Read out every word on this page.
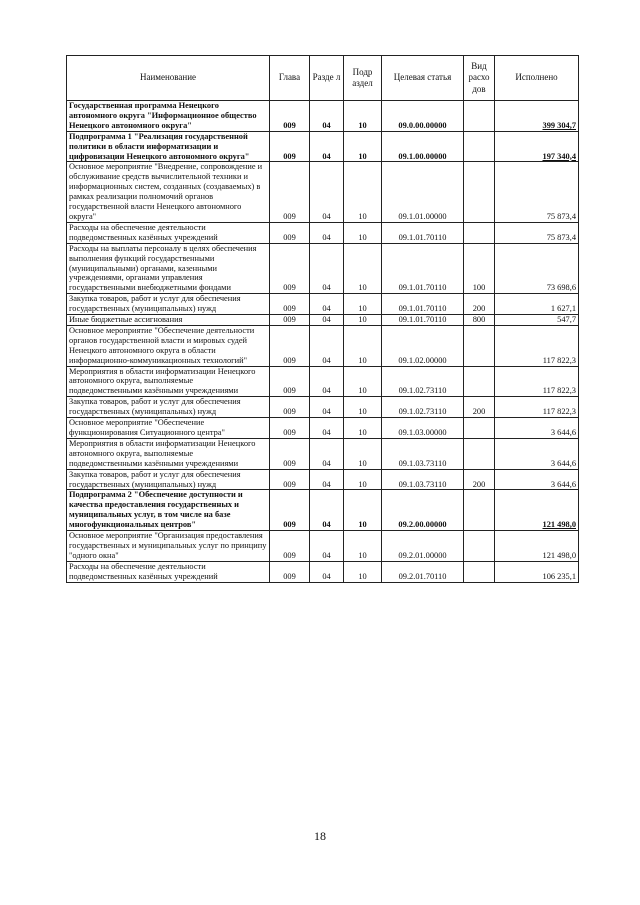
Наименование	Глава	Разде л	Подр аздел	Целевая статья	Вид расхо дов	Исполнено
Государственная программа Ненецкого автономного округа "Информационное общество Ненецкого автономного округа"	009	04	10	09.0.00.00000		399 304,7
Подпрограмма 1 "Реализация государственной политики в области информатизации и цифровизации Ненецкого автономного округа"	009	04	10	09.1.00.00000		197 340,4
Основное мероприятие "Внедрение, сопровождение и обслуживание средств вычислительной техники и информационных систем, созданных (создаваемых) в рамках реализации полномочий органов государственной власти Ненецкого автономного округа"	009	04	10	09.1.01.00000		75 873,4
Расходы на обеспечение деятельности подведомственных казённых учреждений	009	04	10	09.1.01.70110		75 873,4
Расходы на выплаты персоналу в целях обеспечения выполнения функций государственными (муниципальными) органами, казенными учреждениями, органами управления государственными внебюджетными фондами	009	04	10	09.1.01.70110	100	73 698,6
Закупка товаров, работ и услуг для обеспечения государственных (муниципальных) нужд	009	04	10	09.1.01.70110	200	1 627,1
Иные бюджетные ассигнования	009	04	10	09.1.01.70110	800	547,7
Основное мероприятие "Обеспечение деятельности органов государственной власти и мировых судей Ненецкого автономного округа в области информационно-коммуникационных технологий"	009	04	10	09.1.02.00000		117 822,3
Мероприятия в области информатизации Ненецкого автономного округа, выполняемые подведомственными казёнными учреждениями	009	04	10	09.1.02.73110		117 822,3
Закупка товаров, работ и услуг для обеспечения государственных (муниципальных) нужд	009	04	10	09.1.02.73110	200	117 822,3
Основное мероприятие "Обеспечение функционирования Ситуационного центра"	009	04	10	09.1.03.00000		3 644,6
Мероприятия в области информатизации Ненецкого автономного округа, выполняемые подведомственными казёнными учреждениями	009	04	10	09.1.03.73110		3 644,6
Закупка товаров, работ и услуг для обеспечения государственных (муниципальных) нужд	009	04	10	09.1.03.73110	200	3 644,6
Подпрограмма 2 "Обеспечение доступности и качества предоставления государственных и муниципальных услуг, в том числе на базе многофункциональных центров"	009	04	10	09.2.00.00000		121 498,0
Основное мероприятие "Организация предоставления государственных и муниципальных услуг по принципу "одного окна"	009	04	10	09.2.01.00000		121 498,0
Расходы на обеспечение деятельности подведомственных казённых учреждений	009	04	10	09.2.01.70110		106 235,1
18
